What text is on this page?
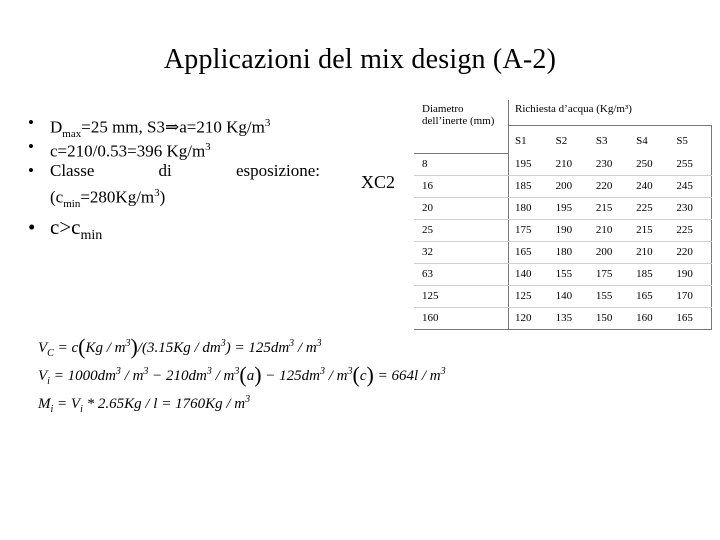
Applicazioni del mix design (A-2)
• $D_{max}=25$ mm, S3⇒a=210 $Kg/m^3$
• c=210/0.53=396 $Kg/m^3$
• Classe	di	esposizione:
$(c_{min}=280Kg/m^3)$
• $c>c_{min}$
XC2
Diametro dell’inerte (mm)	Richiesta d’acqua (Kg/m³)				
	S1	S2	S3	S4	S5
8	195	210	230	250	255
16	185	200	220	240	245
20	180	195	215	225	230
25	175	190	210	215	225
32	165	180	200	210	220
63	140	155	175	185	190
125	125	140	155	165	170
160	120	135	150	160	165
$V_C = c(Kg / m^3)/(3.15Kg / dm^3) = 125dm^3 / m^3$
$V_i = 1000dm^3 / m^3 - 210dm^3 / m^3(a) - 125dm^3 / m^3(c) = 664l / m^3$
$M_i = V_i * 2.65Kg / l = 1760Kg / m^3$
